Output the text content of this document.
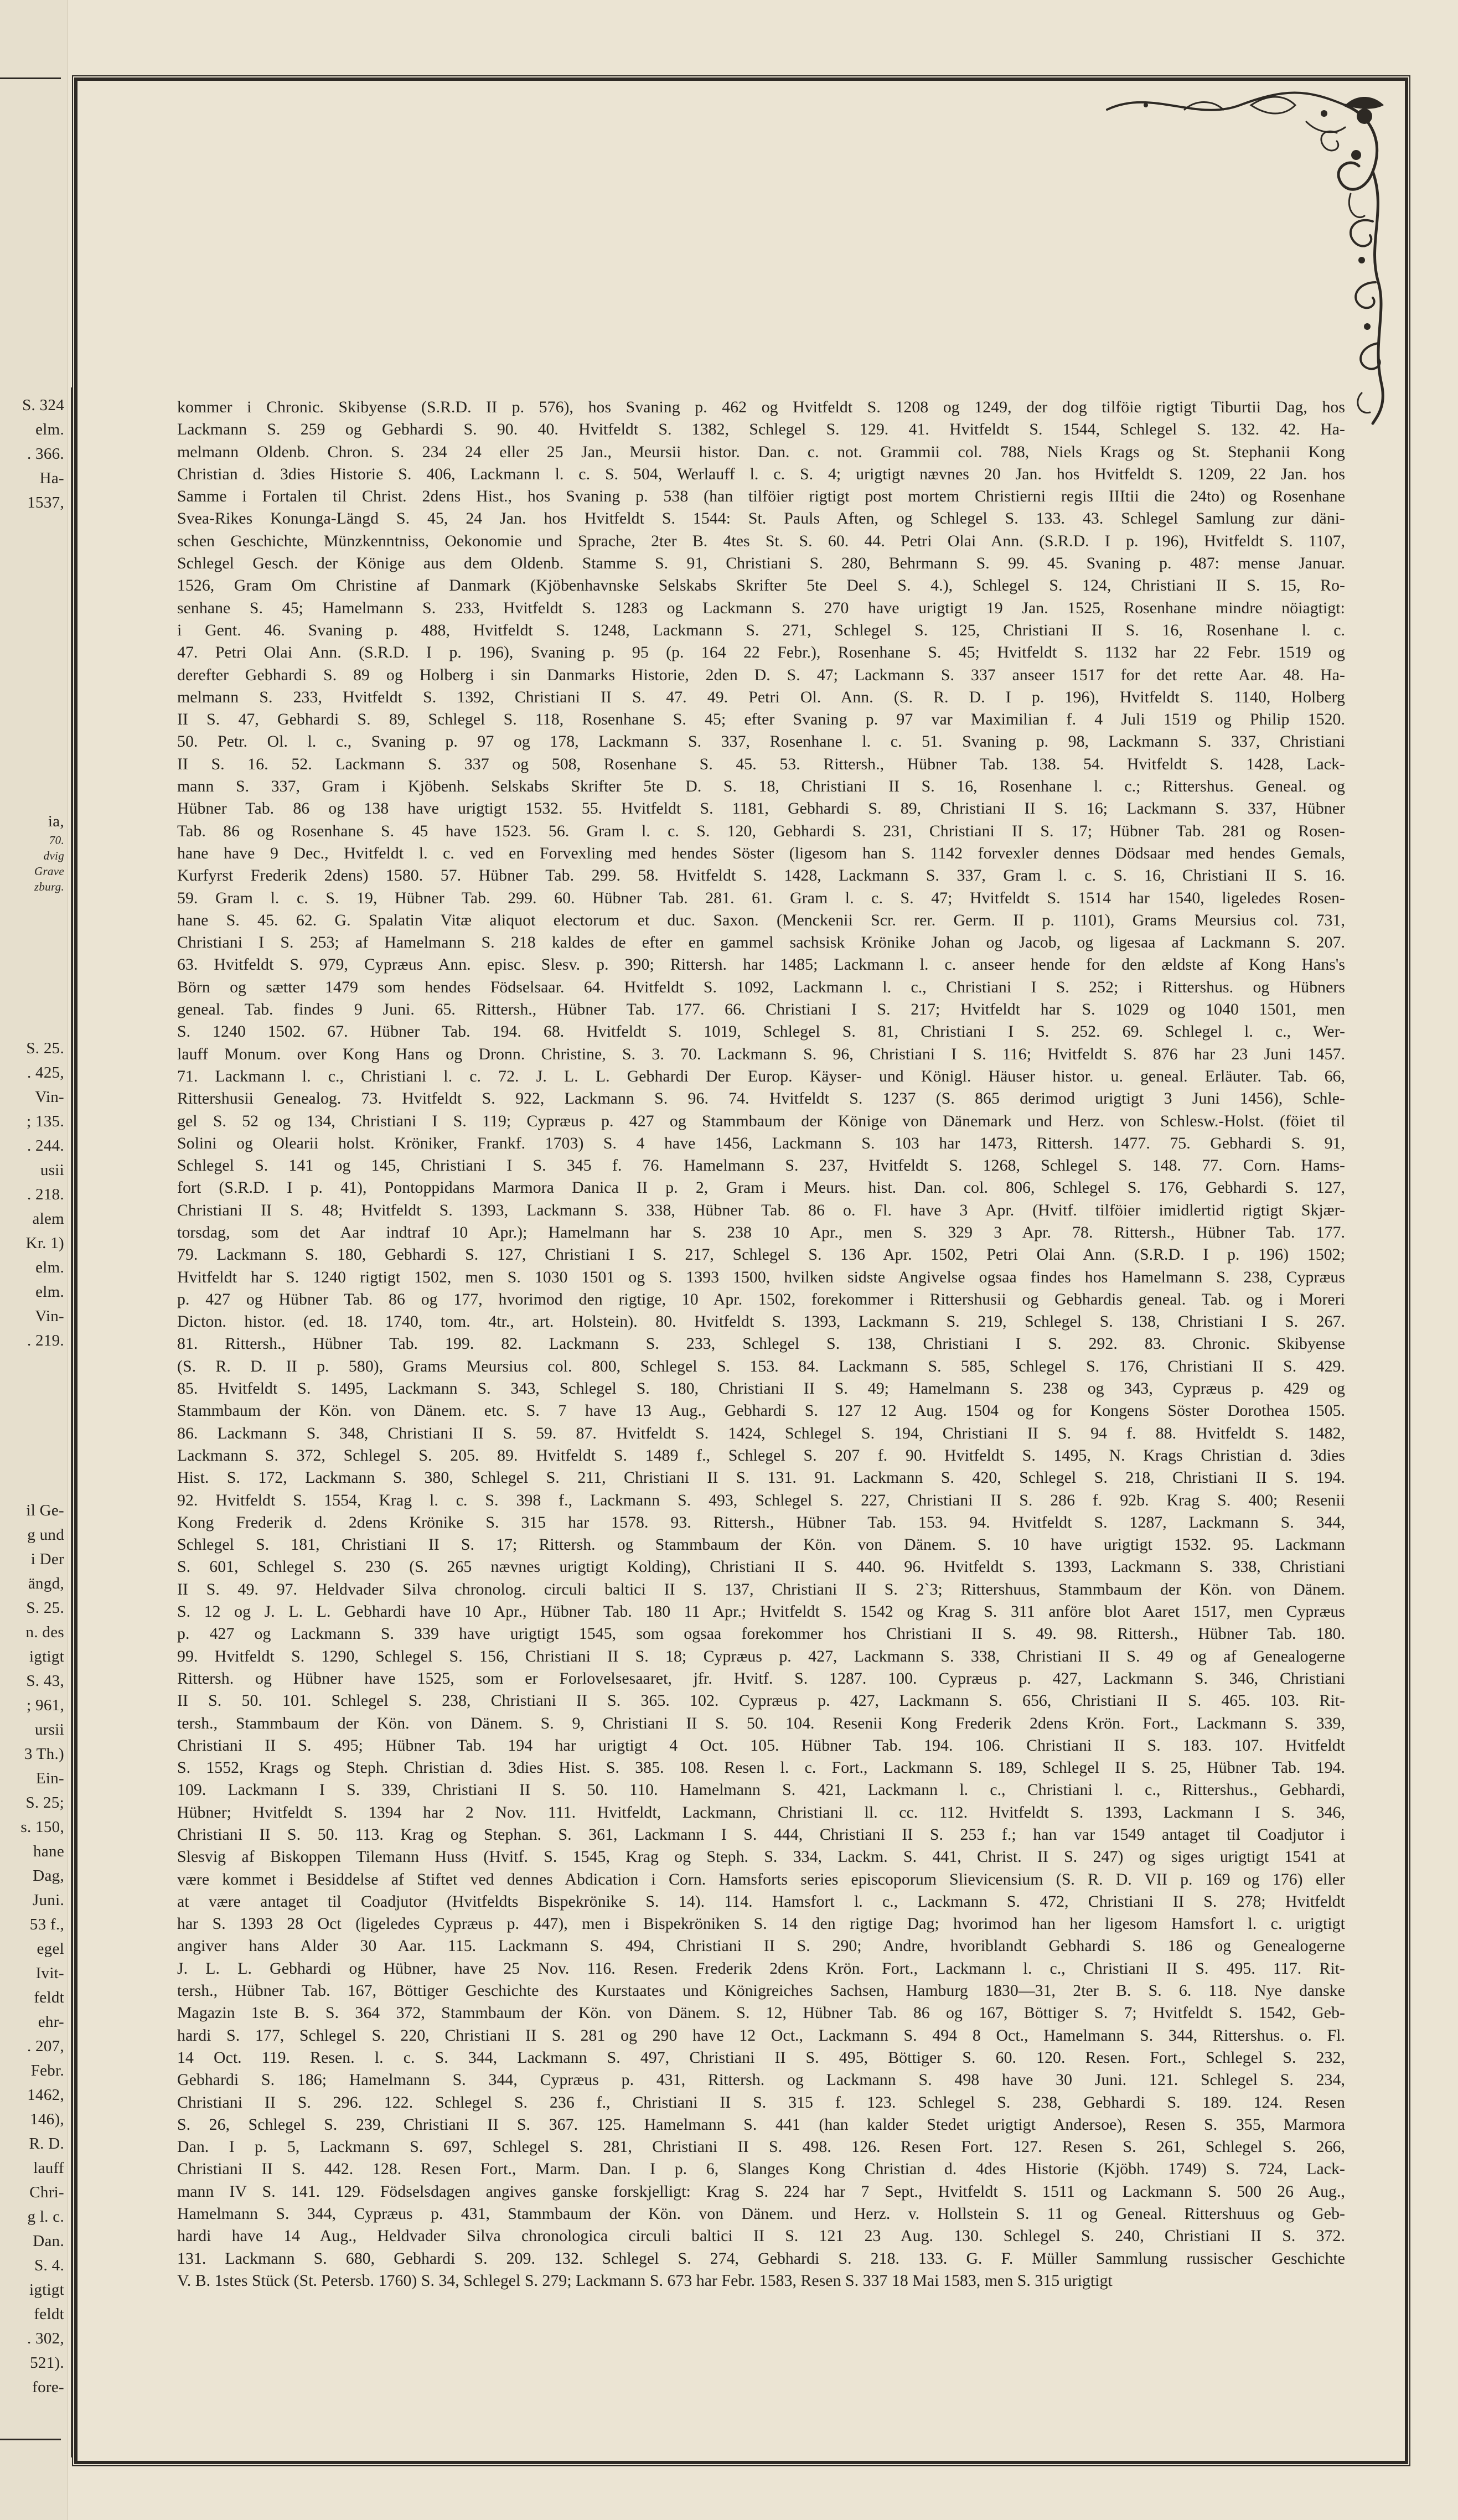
S. 324
elm.
. 366.
Ha-
1537,
ia,
70.
dvig
Grave
zburg.
S. 25.
. 425,
Vin-
; 135.
. 244.
usii
. 218.
alem
Kr. 1)
elm.
elm.
Vin-
. 219.
il Ge-
g und
i Der
ängd,
S. 25.
n. des
igtigt
S. 43,
; 961,
ursii
3 Th.)
Ein-
S. 25;
s. 150,
hane
Dag,
Juni.
53 f.,
egel
Ivit-
feldt
ehr-
. 207,
Febr.
1462,
146),
R. D.
lauff
Chri-
g l. c.
Dan.
S. 4.
igtigt
feldt
. 302,
521).
fore-
kommer i Chronic. Skibyense (S.R.D. II p. 576), hos Svaning p. 462 og Hvitfeldt S. 1208 og 1249, der dog tilföie rigtigt Tiburtii Dag, hos
Lackmann S. 259 og Gebhardi S. 90. 40. Hvitfeldt S. 1382, Schlegel S. 129. 41. Hvitfeldt S. 1544, Schlegel S. 132. 42. Ha-
melmann Oldenb. Chron. S. 234 24 eller 25 Jan., Meursii histor. Dan. c. not. Grammii col. 788, Niels Krags og St. Stephanii Kong
Christian d. 3dies Historie S. 406, Lackmann l. c. S. 504, Werlauff l. c. S. 4; urigtigt nævnes 20 Jan. hos Hvitfeldt S. 1209, 22 Jan. hos
Samme i Fortalen til Christ. 2dens Hist., hos Svaning p. 538 (han tilföier rigtigt post mortem Christierni regis IIItii die 24to) og Rosenhane
Svea-Rikes Konunga-Längd S. 45, 24 Jan. hos Hvitfeldt S. 1544: St. Pauls Aften, og Schlegel S. 133. 43. Schlegel Samlung zur däni-
schen Geschichte, Münzkenntniss, Oekonomie und Sprache, 2ter B. 4tes St. S. 60. 44. Petri Olai Ann. (S.R.D. I p. 196), Hvitfeldt S. 1107,
Schlegel Gesch. der Könige aus dem Oldenb. Stamme S. 91, Christiani S. 280, Behrmann S. 99. 45. Svaning p. 487: mense Januar.
1526, Gram Om Christine af Danmark (Kjöbenhavnske Selskabs Skrifter 5te Deel S. 4.), Schlegel S. 124, Christiani II S. 15, Ro-
senhane S. 45; Hamelmann S. 233, Hvitfeldt S. 1283 og Lackmann S. 270 have urigtigt 19 Jan. 1525, Rosenhane mindre nöiagtigt:
i Gent. 46. Svaning p. 488, Hvitfeldt S. 1248, Lackmann S. 271, Schlegel S. 125, Christiani II S. 16, Rosenhane l. c.
47. Petri Olai Ann. (S.R.D. I p. 196), Svaning p. 95 (p. 164 22 Febr.), Rosenhane S. 45; Hvitfeldt S. 1132 har 22 Febr. 1519 og
derefter Gebhardi S. 89 og Holberg i sin Danmarks Historie, 2den D. S. 47; Lackmann S. 337 anseer 1517 for det rette Aar. 48. Ha-
melmann S. 233, Hvitfeldt S. 1392, Christiani II S. 47. 49. Petri Ol. Ann. (S. R. D. I p. 196), Hvitfeldt S. 1140, Holberg
II S. 47, Gebhardi S. 89, Schlegel S. 118, Rosenhane S. 45; efter Svaning p. 97 var Maximilian f. 4 Juli 1519 og Philip 1520.
50. Petr. Ol. l. c., Svaning p. 97 og 178, Lackmann S. 337, Rosenhane l. c. 51. Svaning p. 98, Lackmann S. 337, Christiani
II S. 16. 52. Lackmann S. 337 og 508, Rosenhane S. 45. 53. Rittersh., Hübner Tab. 138. 54. Hvitfeldt S. 1428, Lack-
mann S. 337, Gram i Kjöbenh. Selskabs Skrifter 5te D. S. 18, Christiani II S. 16, Rosenhane l. c.; Rittershus. Geneal. og
Hübner Tab. 86 og 138 have urigtigt 1532. 55. Hvitfeldt S. 1181, Gebhardi S. 89, Christiani II S. 16; Lackmann S. 337, Hübner
Tab. 86 og Rosenhane S. 45 have 1523. 56. Gram l. c. S. 120, Gebhardi S. 231, Christiani II S. 17; Hübner Tab. 281 og Rosen-
hane have 9 Dec., Hvitfeldt l. c. ved en Forvexling med hendes Söster (ligesom han S. 1142 forvexler dennes Dödsaar med hendes Gemals,
Kurfyrst Frederik 2dens) 1580. 57. Hübner Tab. 299. 58. Hvitfeldt S. 1428, Lackmann S. 337, Gram l. c. S. 16, Christiani II S. 16.
59. Gram l. c. S. 19, Hübner Tab. 299. 60. Hübner Tab. 281. 61. Gram l. c. S. 47; Hvitfeldt S. 1514 har 1540, ligeledes Rosen-
hane S. 45. 62. G. Spalatin Vitæ aliquot electorum et duc. Saxon. (Menckenii Scr. rer. Germ. II p. 1101), Grams Meursius col. 731,
Christiani I S. 253; af Hamelmann S. 218 kaldes de efter en gammel sachsisk Krönike Johan og Jacob, og ligesaa af Lackmann S. 207.
63. Hvitfeldt S. 979, Cypræus Ann. episc. Slesv. p. 390; Rittersh. har 1485; Lackmann l. c. anseer hende for den ældste af Kong Hans's
Börn og sætter 1479 som hendes Födselsaar. 64. Hvitfeldt S. 1092, Lackmann l. c., Christiani I S. 252; i Rittershus. og Hübners
geneal. Tab. findes 9 Juni. 65. Rittersh., Hübner Tab. 177. 66. Christiani I S. 217; Hvitfeldt har S. 1029 og 1040 1501, men
S. 1240 1502. 67. Hübner Tab. 194. 68. Hvitfeldt S. 1019, Schlegel S. 81, Christiani I S. 252. 69. Schlegel l. c., Wer-
lauff Monum. over Kong Hans og Dronn. Christine, S. 3. 70. Lackmann S. 96, Christiani I S. 116; Hvitfeldt S. 876 har 23 Juni 1457.
71. Lackmann l. c., Christiani l. c. 72. J. L. L. Gebhardi Der Europ. Käyser- und Königl. Häuser histor. u. geneal. Erläuter. Tab. 66,
Rittershusii Genealog. 73. Hvitfeldt S. 922, Lackmann S. 96. 74. Hvitfeldt S. 1237 (S. 865 derimod urigtigt 3 Juni 1456), Schle-
gel S. 52 og 134, Christiani I S. 119; Cypræus p. 427 og Stammbaum der Könige von Dänemark und Herz. von Schlesw.-Holst. (föiet til
Solini og Olearii holst. Kröniker, Frankf. 1703) S. 4 have 1456, Lackmann S. 103 har 1473, Rittersh. 1477. 75. Gebhardi S. 91,
Schlegel S. 141 og 145, Christiani I S. 345 f. 76. Hamelmann S. 237, Hvitfeldt S. 1268, Schlegel S. 148. 77. Corn. Hams-
fort (S.R.D. I p. 41), Pontoppidans Marmora Danica II p. 2, Gram i Meurs. hist. Dan. col. 806, Schlegel S. 176, Gebhardi S. 127,
Christiani II S. 48; Hvitfeldt S. 1393, Lackmann S. 338, Hübner Tab. 86 o. Fl. have 3 Apr. (Hvitf. tilföier imidlertid rigtigt Skjær-
torsdag, som det Aar indtraf 10 Apr.); Hamelmann har S. 238 10 Apr., men S. 329 3 Apr. 78. Rittersh., Hübner Tab. 177.
79. Lackmann S. 180, Gebhardi S. 127, Christiani I S. 217, Schlegel S. 136 Apr. 1502, Petri Olai Ann. (S.R.D. I p. 196) 1502;
Hvitfeldt har S. 1240 rigtigt 1502, men S. 1030 1501 og S. 1393 1500, hvilken sidste Angivelse ogsaa findes hos Hamelmann S. 238, Cypræus
p. 427 og Hübner Tab. 86 og 177, hvorimod den rigtige, 10 Apr. 1502, forekommer i Rittershusii og Gebhardis geneal. Tab. og i Moreri
Dicton. histor. (ed. 18. 1740, tom. 4tr., art. Holstein). 80. Hvitfeldt S. 1393, Lackmann S. 219, Schlegel S. 138, Christiani I S. 267.
81. Rittersh., Hübner Tab. 199. 82. Lackmann S. 233, Schlegel S. 138, Christiani I S. 292. 83. Chronic. Skibyense
(S. R. D. II p. 580), Grams Meursius col. 800, Schlegel S. 153. 84. Lackmann S. 585, Schlegel S. 176, Christiani II S. 429.
85. Hvitfeldt S. 1495, Lackmann S. 343, Schlegel S. 180, Christiani II S. 49; Hamelmann S. 238 og 343, Cypræus p. 429 og
Stammbaum der Kön. von Dänem. etc. S. 7 have 13 Aug., Gebhardi S. 127 12 Aug. 1504 og for Kongens Söster Dorothea 1505.
86. Lackmann S. 348, Christiani II S. 59. 87. Hvitfeldt S. 1424, Schlegel S. 194, Christiani II S. 94 f. 88. Hvitfeldt S. 1482,
Lackmann S. 372, Schlegel S. 205. 89. Hvitfeldt S. 1489 f., Schlegel S. 207 f. 90. Hvitfeldt S. 1495, N. Krags Christian d. 3dies
Hist. S. 172, Lackmann S. 380, Schlegel S. 211, Christiani II S. 131. 91. Lackmann S. 420, Schlegel S. 218, Christiani II S. 194.
92. Hvitfeldt S. 1554, Krag l. c. S. 398 f., Lackmann S. 493, Schlegel S. 227, Christiani II S. 286 f. 92b. Krag S. 400; Resenii
Kong Frederik d. 2dens Krönike S. 315 har 1578. 93. Rittersh., Hübner Tab. 153. 94. Hvitfeldt S. 1287, Lackmann S. 344,
Schlegel S. 181, Christiani II S. 17; Rittersh. og Stammbaum der Kön. von Dänem. S. 10 have urigtigt 1532. 95. Lackmann
S. 601, Schlegel S. 230 (S. 265 nævnes urigtigt Kolding), Christiani II S. 440. 96. Hvitfeldt S. 1393, Lackmann S. 338, Christiani
II S. 49. 97. Heldvader Silva chronolog. circuli baltici II S. 137, Christiani II S. 2`3; Rittershuus, Stammbaum der Kön. von Dänem.
S. 12 og J. L. L. Gebhardi have 10 Apr., Hübner Tab. 180 11 Apr.; Hvitfeldt S. 1542 og Krag S. 311 anföre blot Aaret 1517, men Cypræus
p. 427 og Lackmann S. 339 have urigtigt 1545, som ogsaa forekommer hos Christiani II S. 49. 98. Rittersh., Hübner Tab. 180.
99. Hvitfeldt S. 1290, Schlegel S. 156, Christiani II S. 18; Cypræus p. 427, Lackmann S. 338, Christiani II S. 49 og af Genealogerne
Rittersh. og Hübner have 1525, som er Forlovelsesaaret, jfr. Hvitf. S. 1287. 100. Cypræus p. 427, Lackmann S. 346, Christiani
II S. 50. 101. Schlegel S. 238, Christiani II S. 365. 102. Cypræus p. 427, Lackmann S. 656, Christiani II S. 465. 103. Rit-
tersh., Stammbaum der Kön. von Dänem. S. 9, Christiani II S. 50. 104. Resenii Kong Frederik 2dens Krön. Fort., Lackmann S. 339,
Christiani II S. 495; Hübner Tab. 194 har urigtigt 4 Oct. 105. Hübner Tab. 194. 106. Christiani II S. 183. 107. Hvitfeldt
S. 1552, Krags og Steph. Christian d. 3dies Hist. S. 385. 108. Resen l. c. Fort., Lackmann S. 189, Schlegel II S. 25, Hübner Tab. 194.
109. Lackmann I S. 339, Christiani II S. 50. 110. Hamelmann S. 421, Lackmann l. c., Christiani l. c., Rittershus., Gebhardi,
Hübner; Hvitfeldt S. 1394 har 2 Nov. 111. Hvitfeldt, Lackmann, Christiani ll. cc. 112. Hvitfeldt S. 1393, Lackmann I S. 346,
Christiani II S. 50. 113. Krag og Stephan. S. 361, Lackmann I S. 444, Christiani II S. 253 f.; han var 1549 antaget til Coadjutor i
Slesvig af Biskoppen Tilemann Huss (Hvitf. S. 1545, Krag og Steph. S. 334, Lackm. S. 441, Christ. II S. 247) og siges urigtigt 1541 at
være kommet i Besiddelse af Stiftet ved dennes Abdication i Corn. Hamsforts series episcoporum Slievicensium (S. R. D. VII p. 169 og 176) eller
at være antaget til Coadjutor (Hvitfeldts Bispekrönike S. 14). 114. Hamsfort l. c., Lackmann S. 472, Christiani II S. 278; Hvitfeldt
har S. 1393 28 Oct (ligeledes Cypræus p. 447), men i Bispekröniken S. 14 den rigtige Dag; hvorimod han her ligesom Hamsfort l. c. urigtigt
angiver hans Alder 30 Aar. 115. Lackmann S. 494, Christiani II S. 290; Andre, hvoriblandt Gebhardi S. 186 og Genealogerne
J. L. L. Gebhardi og Hübner, have 25 Nov. 116. Resen. Frederik 2dens Krön. Fort., Lackmann l. c., Christiani II S. 495. 117. Rit-
tersh., Hübner Tab. 167, Böttiger Geschichte des Kurstaates und Königreiches Sachsen, Hamburg 1830—31, 2ter B. S. 6. 118. Nye danske
Magazin 1ste B. S. 364 372, Stammbaum der Kön. von Dänem. S. 12, Hübner Tab. 86 og 167, Böttiger S. 7; Hvitfeldt S. 1542, Geb-
hardi S. 177, Schlegel S. 220, Christiani II S. 281 og 290 have 12 Oct., Lackmann S. 494 8 Oct., Hamelmann S. 344, Rittershus. o. Fl.
14 Oct. 119. Resen. l. c. S. 344, Lackmann S. 497, Christiani II S. 495, Böttiger S. 60. 120. Resen. Fort., Schlegel S. 232,
Gebhardi S. 186; Hamelmann S. 344, Cypræus p. 431, Rittersh. og Lackmann S. 498 have 30 Juni. 121. Schlegel S. 234,
Christiani II S. 296. 122. Schlegel S. 236 f., Christiani II S. 315 f. 123. Schlegel S. 238, Gebhardi S. 189. 124. Resen
S. 26, Schlegel S. 239, Christiani II S. 367. 125. Hamelmann S. 441 (han kalder Stedet urigtigt Andersoe), Resen S. 355, Marmora
Dan. I p. 5, Lackmann S. 697, Schlegel S. 281, Christiani II S. 498. 126. Resen Fort. 127. Resen S. 261, Schlegel S. 266,
Christiani II S. 442. 128. Resen Fort., Marm. Dan. I p. 6, Slanges Kong Christian d. 4des Historie (Kjöbh. 1749) S. 724, Lack-
mann IV S. 141. 129. Födselsdagen angives ganske forskjelligt: Krag S. 224 har 7 Sept., Hvitfeldt S. 1511 og Lackmann S. 500 26 Aug.,
Hamelmann S. 344, Cypræus p. 431, Stammbaum der Kön. von Dänem. und Herz. v. Hollstein S. 11 og Geneal. Rittershuus og Geb-
hardi have 14 Aug., Heldvader Silva chronologica circuli baltici II S. 121 23 Aug. 130. Schlegel S. 240, Christiani II S. 372.
131. Lackmann S. 680, Gebhardi S. 209. 132. Schlegel S. 274, Gebhardi S. 218. 133. G. F. Müller Sammlung russischer Geschichte
V. B. 1stes Stück (St. Petersb. 1760) S. 34, Schlegel S. 279; Lackmann S. 673 har Febr. 1583, Resen S. 337 18 Mai 1583, men S. 315 urigtigt
